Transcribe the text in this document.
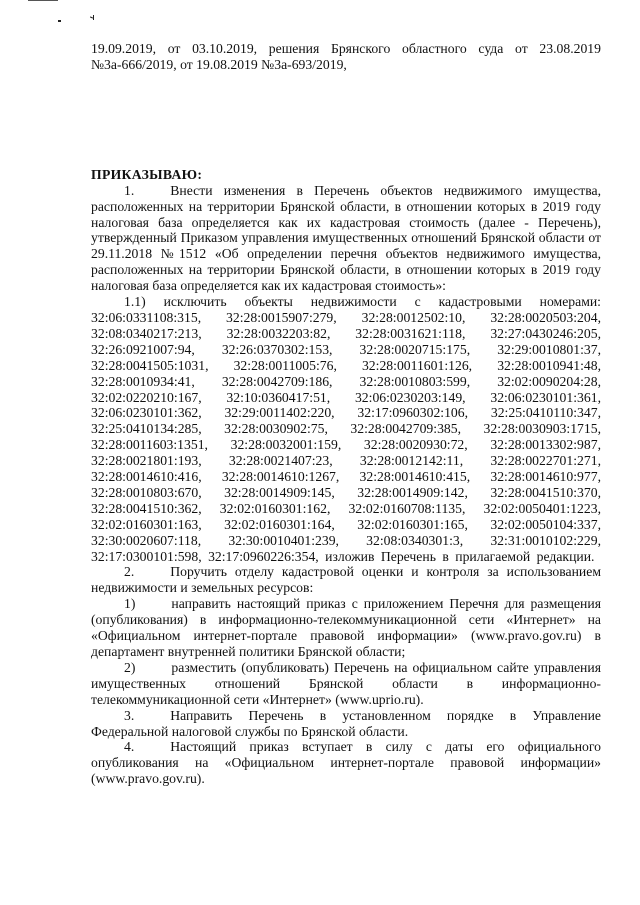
19.09.2019, от 03.10.2019, решения Брянского областного суда от 23.08.2019 №3а-666/2019, от 19.08.2019 №3а-693/2019,

ПРИКАЗЫВАЮ:

1.	Внести изменения в Перечень объектов недвижимого имущества, расположенных на территории Брянской области, в отношении которых в 2019 году налоговая база определяется как их кадастровая стоимость (далее - Перечень), утвержденный Приказом управления имущественных отношений Брянской области от 29.11.2018 №1512 «Об определении перечня объектов недвижимого имущества, расположенных на территории Брянской области, в отношении которых в 2019 году налоговая база определяется как их кадастровая стоимость»:

1.1) исключить объекты недвижимости с кадастровыми номерами: 32:06:0331108:315, 32:28:0015907:279, 32:28:0012502:10, 32:28:0020503:204, 32:08:0340217:213, 32:28:0032203:82, 32:28:0031621:118, 32:27:0430246:205, 32:26:0921007:94, 32:26:0370302:153, 32:28:0020715:175, 32:29:0010801:37, 32:28:0041505:1031, 32:28:0011005:76, 32:28:0011601:126, 32:28:0010941:48, 32:28:0010934:41, 32:28:0042709:186, 32:28:0010803:599, 32:02:0090204:28, 32:02:0220210:167, 32:10:0360417:51, 32:06:0230203:149, 32:06:0230101:361, 32:06:0230101:362, 32:29:0011402:220, 32:17:0960302:106, 32:25:0410110:347, 32:25:0410134:285, 32:28:0030902:75, 32:28:0042709:385, 32:28:0030903:1715, 32:28:0011603:1351, 32:28:0032001:159, 32:28:0020930:72, 32:28:0013302:987, 32:28:0021801:193, 32:28:0021407:23, 32:28:0012142:11, 32:28:0022701:271, 32:28:0014610:416, 32:28:0014610:1267, 32:28:0014610:415, 32:28:0014610:977, 32:28:0010803:670, 32:28:0014909:145, 32:28:0014909:142, 32:28:0041510:370, 32:28:0041510:362, 32:02:0160301:162, 32:02:0160708:1135, 32:02:0050401:1223, 32:02:0160301:163, 32:02:0160301:164, 32:02:0160301:165, 32:02:0050104:337, 32:30:0020607:118, 32:30:0010401:239, 32:08:0340301:3, 32:31:0010102:229, 32:17:0300101:598, 32:17:0960226:354, изложив Перечень в прилагаемой редакции.

2.	Поручить отделу кадастровой оценки и контроля за использованием недвижимости и земельных ресурсов:

1)	направить настоящий приказ с приложением Перечня для размещения (опубликования) в информационно-телекоммуникационной сети «Интернет» на «Официальном интернет-портале правовой информации» (www.pravo.gov.ru) в департамент внутренней политики Брянской области;

2)	разместить (опубликовать) Перечень на официальном сайте управления имущественных отношений Брянской области в информационно-телекоммуникационной сети «Интернет» (www.uprio.ru).

3.	Направить Перечень в установленном порядке в Управление Федеральной налоговой службы по Брянской области.

4.	Настоящий приказ вступает в силу с даты его официального опубликования на «Официальном интернет-портале правовой информации» (www.pravo.gov.ru).
